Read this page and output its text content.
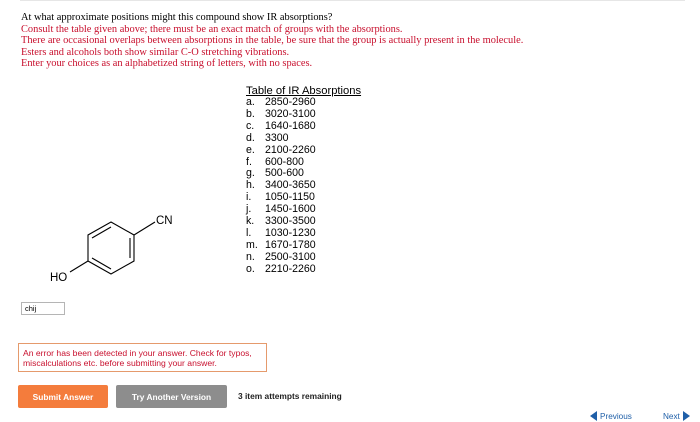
At what approximate positions might this compound show IR absorptions?
Consult the table given above; there must be an exact match of groups with the absorptions.
There are occasional overlaps between absorptions in the table, be sure that the group is actually present in the molecule.
Esters and alcohols both show similar C-O stretching vibrations.
Enter your choices as an alphabetized string of letters, with no spaces.
Table of IR Absorptions
a. 2850-2960
b. 3020-3100
c. 1640-1680
d. 3300
e. 2100-2260
f. 600-800
g. 500-600
h. 3400-3650
i. 1050-1150
j. 1450-1600
k. 3300-3500
l. 1030-1230
m. 1670-1780
n. 2500-3100
o. 2210-2260
CN
HO
chij
An error has been detected in your answer. Check for typos,
miscalculations etc. before submitting your answer.
Submit Answer	Try Another Version	3 item attempts remaining
Previous	Next
